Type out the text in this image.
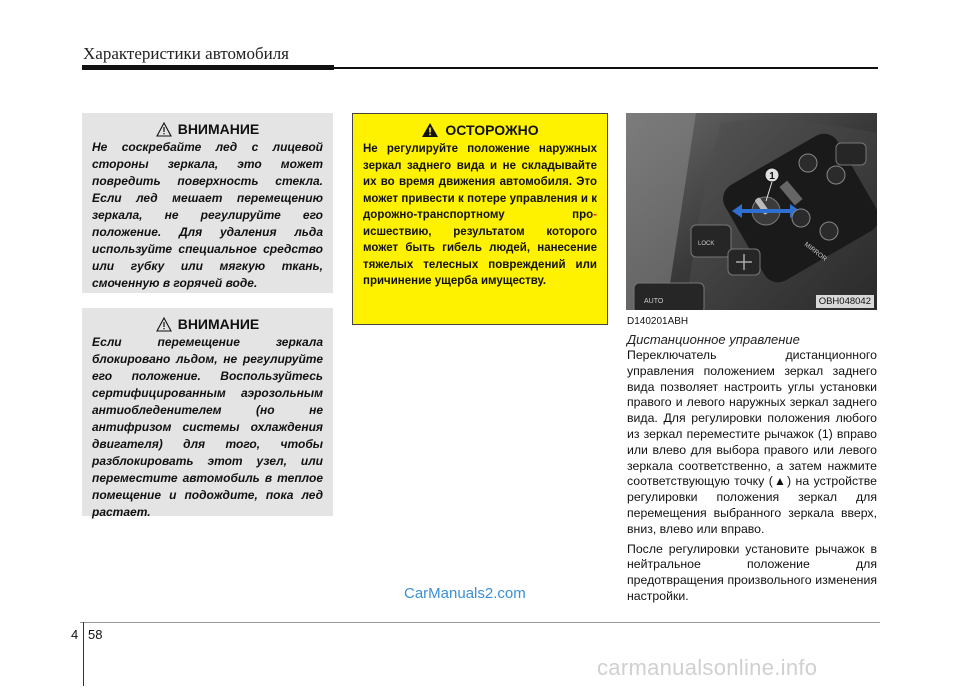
Характеристики автомобиля
ВНИМАНИЕ
Не соскребайте лед с лицевой стороны зеркала, это может повредить поверхность стекла. Если лед мешает перемещению зеркала, не регулируйте его положение. Для удаления льда используйте специальное средство или губку или мягкую ткань, смоченную в горячей воде.
ВНИМАНИЕ
Если перемещение зеркала блокировано льдом, не регулируйте его положение. Воспользуйтесь сертифицированным аэрозольным антиобледенителем (но не антифризом системы охлаждения двигателя) для того, чтобы разблокировать этот узел, или переместите автомобиль в теплое помещение и подождите, пока лед растает.
ОСТОРОЖНО
Не регулируйте положение наружных зеркал заднего вида и не складывайте их во время движения автомобиля. Это может привести к потере управления и к дорожно-транспортному про- исшествию, результатом которого может быть гибель людей, нанесение тяжелых телесных повреждений или причинение ущерба имуществу.
1
MIRROR
LOCK
AUTO	OBH048042
D140201ABH
Дистанционное управление

Переключатель дистанционного управления положением зеркал заднего вида позволяет настроить углы установки правого и левого наружных зеркал заднего вида. Для регулировки положения любого из зеркал переместите рычажок (1) вправо или влево для выбора правого или левого зеркала соответственно, а затем нажмите соответствующую точку (▲) на устройстве регулировки положения зеркал для перемещения выбранного зеркала вверх, вниз, влево или вправо.

После регулировки установите рычажок в нейтральное положение для предотвращения произвольного изменения настройки.

CarManuals2.com
4 58
carmanualsonline.info
